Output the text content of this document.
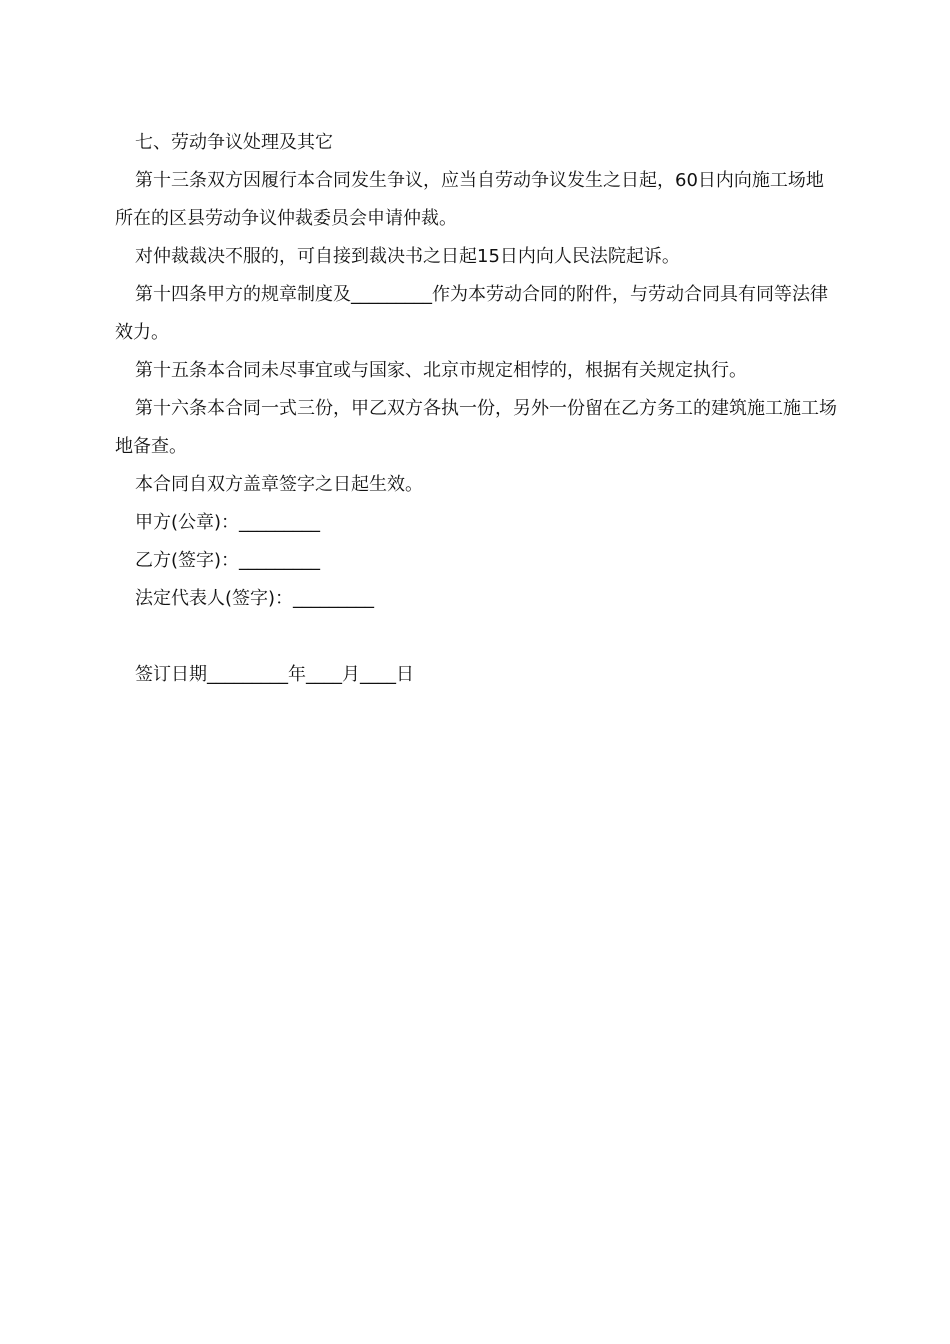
七、劳动争议处理及其它

第十三条双方因履行本合同发生争议，应当自劳动争议发生之日起，60日内向施工场地所在的区县劳动争议仲裁委员会申请仲裁。

对仲裁裁决不服的，可自接到裁决书之日起15日内向人民法院起诉。

第十四条甲方的规章制度及_________作为本劳动合同的附件，与劳动合同具有同等法律效力。

第十五条本合同未尽事宜或与国家、北京市规定相悖的，根据有关规定执行。

第十六条本合同一式三份，甲乙双方各执一份，另外一份留在乙方务工的建筑施工施工场地备查。

本合同自双方盖章签字之日起生效。

甲方(公章)：_________

乙方(签字)：_________

法定代表人(签字)：_________

签订日期_________年____月____日
